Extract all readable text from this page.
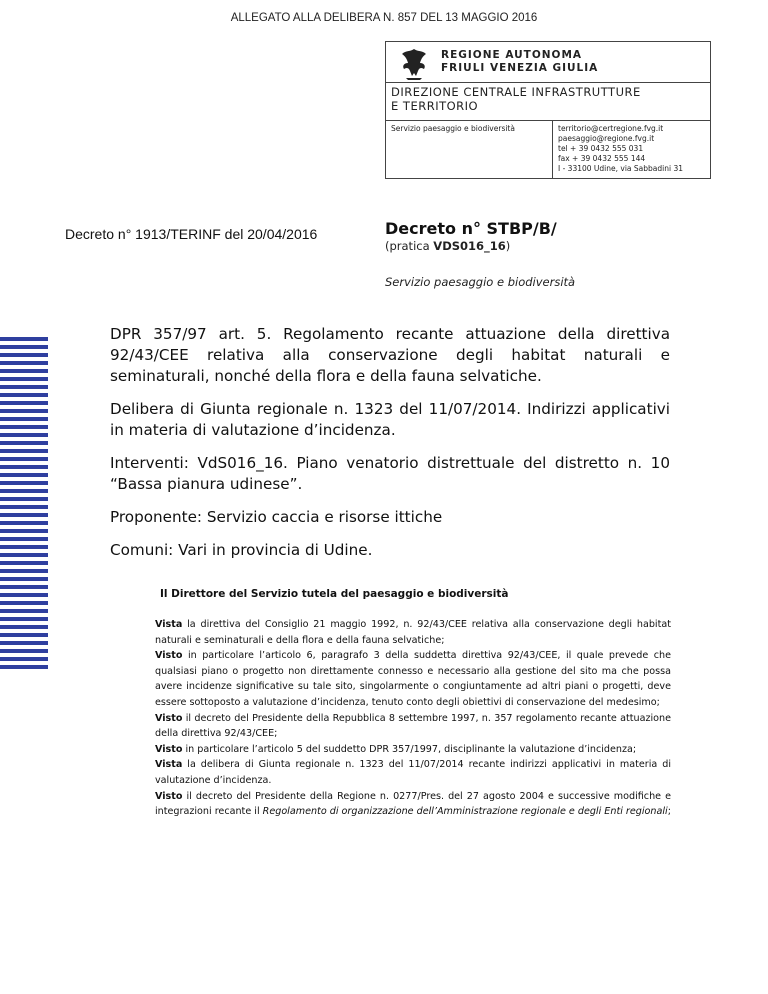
ALLEGATO ALLA DELIBERA N. 857 DEL 13 MAGGIO 2016
REGIONE AUTONOMA
FRIULI VENEZIA GIULIA
DIREZIONE CENTRALE INFRASTRUTTURE
E TERRITORIO
Servizio paesaggio e biodiversità	territorio@certregione.fvg.it
paesaggio@regione.fvg.it
tel + 39 0432 555 031
fax + 39 0432 555 144
I - 33100 Udine, via Sabbadini 31
Decreto n° 1913/TERINF del 20/04/2016	Decreto n° STBP/B/
(pratica VDS016_16)
Servizio paesaggio e biodiversità

DPR 357/97 art. 5. Regolamento recante attuazione della direttiva 92/43/CEE relativa alla conservazione degli habitat naturali e seminaturali, nonché della flora e della fauna selvatiche.

Delibera di Giunta regionale n. 1323 del 11/07/2014. Indirizzi applicativi in materia di valutazione d’incidenza.

Interventi: VdS016_16. Piano venatorio distrettuale del distretto n. 10 “Bassa pianura udinese”.

Proponente: Servizio caccia e risorse ittiche

Comuni: Vari in provincia di Udine.

Il Direttore del Servizio tutela del paesaggio e biodiversità

Vista la direttiva del Consiglio 21 maggio 1992, n. 92/43/CEE relativa alla conservazione degli habitat naturali e seminaturali e della flora e della fauna selvatiche;

Visto in particolare l’articolo 6, paragrafo 3 della suddetta direttiva 92/43/CEE, il quale prevede che qualsiasi piano o progetto non direttamente connesso e necessario alla gestione del sito ma che possa avere incidenze significative su tale sito, singolarmente o congiuntamente ad altri piani o progetti, deve essere sottoposto a valutazione d’incidenza, tenuto conto degli obiettivi di conservazione del medesimo;

Visto il decreto del Presidente della Repubblica 8 settembre 1997, n. 357 regolamento recante attuazione della direttiva 92/43/CEE;

Visto in particolare l’articolo 5 del suddetto DPR 357/1997, disciplinante la valutazione d’incidenza;

Vista la delibera di Giunta regionale n. 1323 del 11/07/2014 recante indirizzi applicativi in materia di valutazione d’incidenza.

Visto il decreto del Presidente della Regione n. 0277/Pres. del 27 agosto 2004 e successive modifiche e integrazioni recante il Regolamento di organizzazione dell’Amministrazione regionale e degli Enti regionali;
